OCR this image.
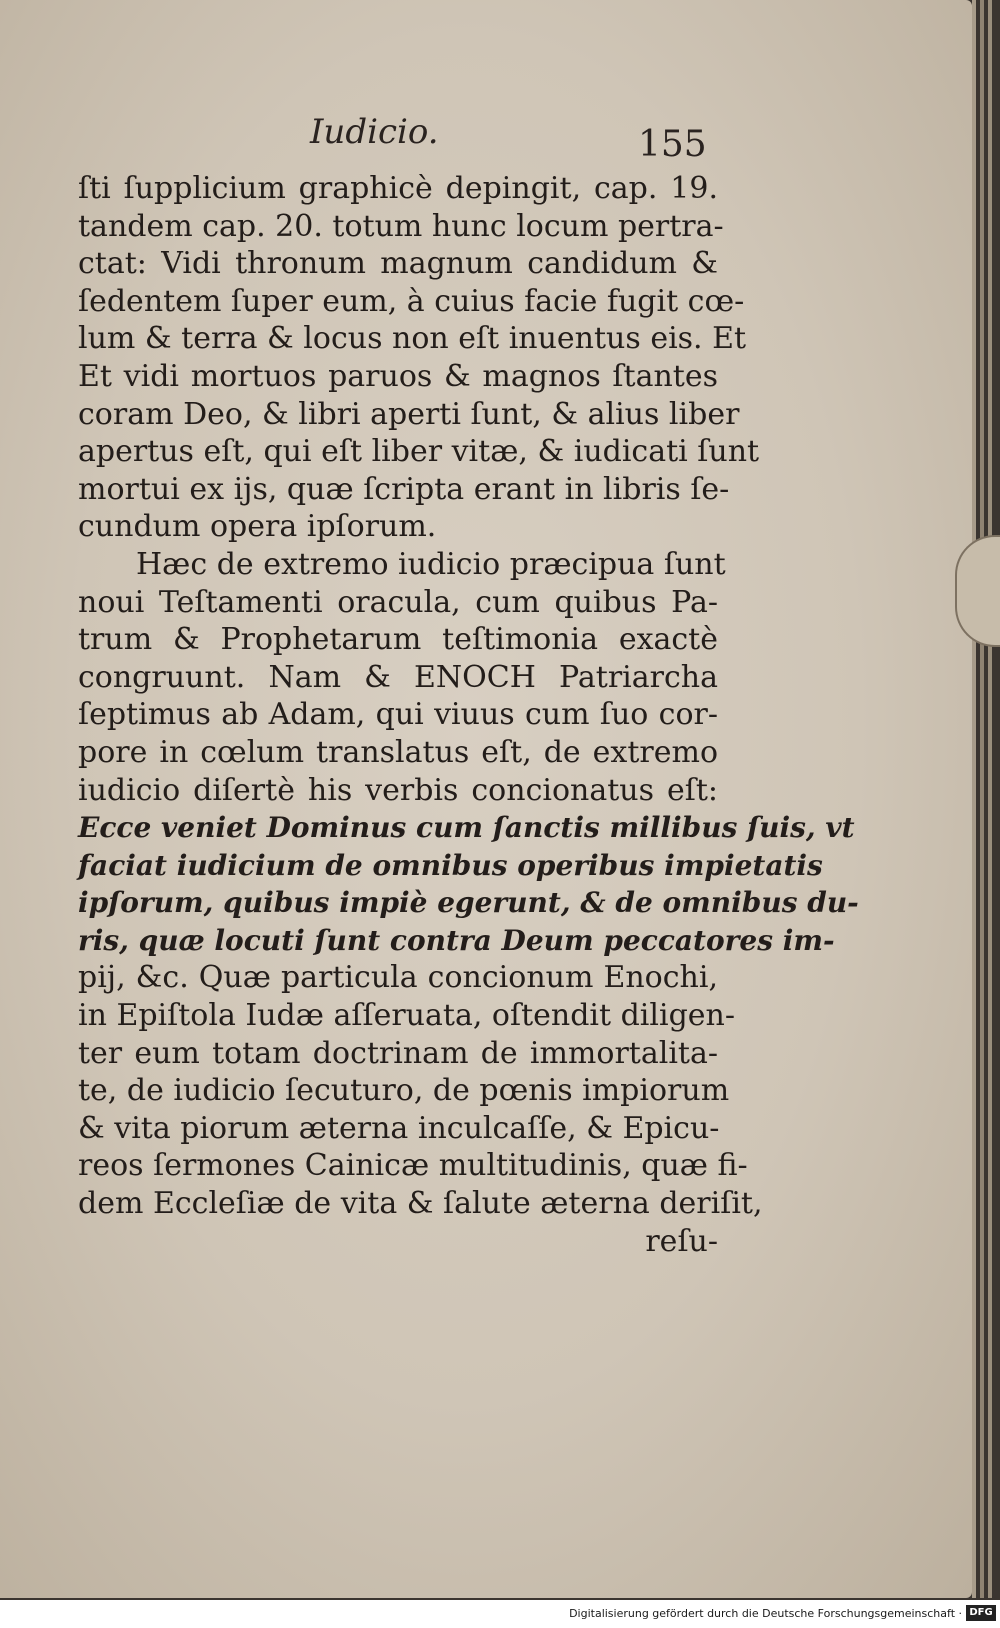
Iudicio.	155
ſti ſupplicium graphicè depingit, cap. 19.
tandem cap. 20. totum hunc locum pertra-
ctat: Vidi thronum magnum candidum &
ſedentem ſuper eum, à cuius facie fugit cœ-
lum & terra & locus non eſt inuentus eis. Et
Et vidi mortuos paruos & magnos ſtantes
coram Deo, & libri aperti ſunt, & alius liber
apertus eſt, qui eſt liber vitæ, & iudicati ſunt
mortui ex ijs, quæ ſcripta erant in libris ſe-
cundum opera ipſorum.
Hæc de extremo iudicio præcipua ſunt
noui Teſtamenti oracula, cum quibus Pa-
trum & Prophetarum teſtimonia exactè
congruunt. Nam & ENOCH Patriarcha
ſeptimus ab Adam, qui viuus cum ſuo cor-
pore in cœlum translatus eſt, de extremo
iudicio diſertè his verbis concionatus eſt:
Ecce veniet Dominus cum ſanctis millibus ſuis, vt
faciat iudicium de omnibus operibus impietatis
ipſorum, quibus impiè egerunt, & de omnibus du-
ris, quæ locuti ſunt contra Deum peccatores im-
pij, &c. Quæ particula concionum Enochi,
in Epiſtola Iudæ aſſeruata, oſtendit diligen-
ter eum totam doctrinam de immortalita-
te, de iudicio ſecuturo, de pœnis impiorum
& vita piorum æterna inculcaſſe, & Epicu-
reos ſermones Cainicæ multitudinis, quæ fi-
dem Eccleſiæ de vita & ſalute æterna deriſit,
reſu-
Digitalisierung gefördert durch die Deutsche Forschungsgemeinschaft · DFG
